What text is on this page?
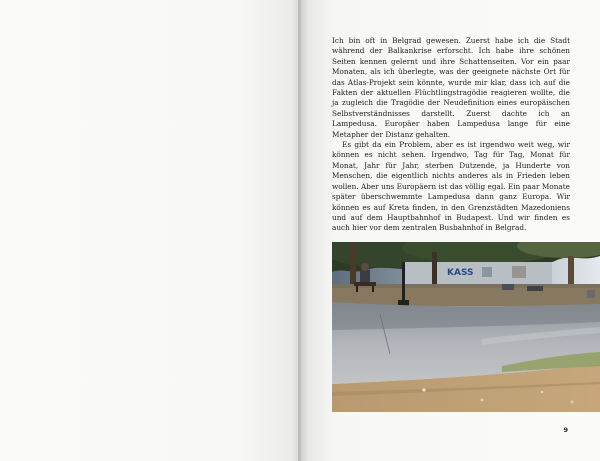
Ich bin oft in Belgrad gewesen. Zuerst habe ich die Stadt während der Balkankrise erforscht. Ich habe ihre schönen Seiten kennen gelernt und ihre Schattenseiten. Vor ein paar Monaten, als ich überlegte, was der geeignete nächste Ort für das Atlas-Projekt sein könnte, wurde mir klar, dass ich auf die Fakten der aktuellen Flüchtlingstragödie reagieren wollte, die ja zugleich die Tragödie der Neudefinition eines europäischen Selbstverständnisses darstellt. Zuerst dachte ich an Lampedusa. Europäer haben Lampedusa lange für eine Metapher der Distanz gehalten.

Es gibt da ein Problem, aber es ist irgendwo weit weg, wir können es nicht sehen. Irgendwo, Tag für Tag, Monat für Monat, Jahr für Jahr, sterben Dutzende, ja Hunderte von Menschen, die eigentlich nichts anderes als in Frieden leben wollen. Aber uns Europäern ist das völlig egal. Ein paar Monate später überschwemmte Lampedusa dann ganz Europa. Wir können es auf Kreta finden, in den Grenzstädten Mazedoniens und auf dem Hauptbahnhof in Budapest. Und wir finden es auch hier vor dem zentralen Busbahnhof in Belgrad.

KASS
9
